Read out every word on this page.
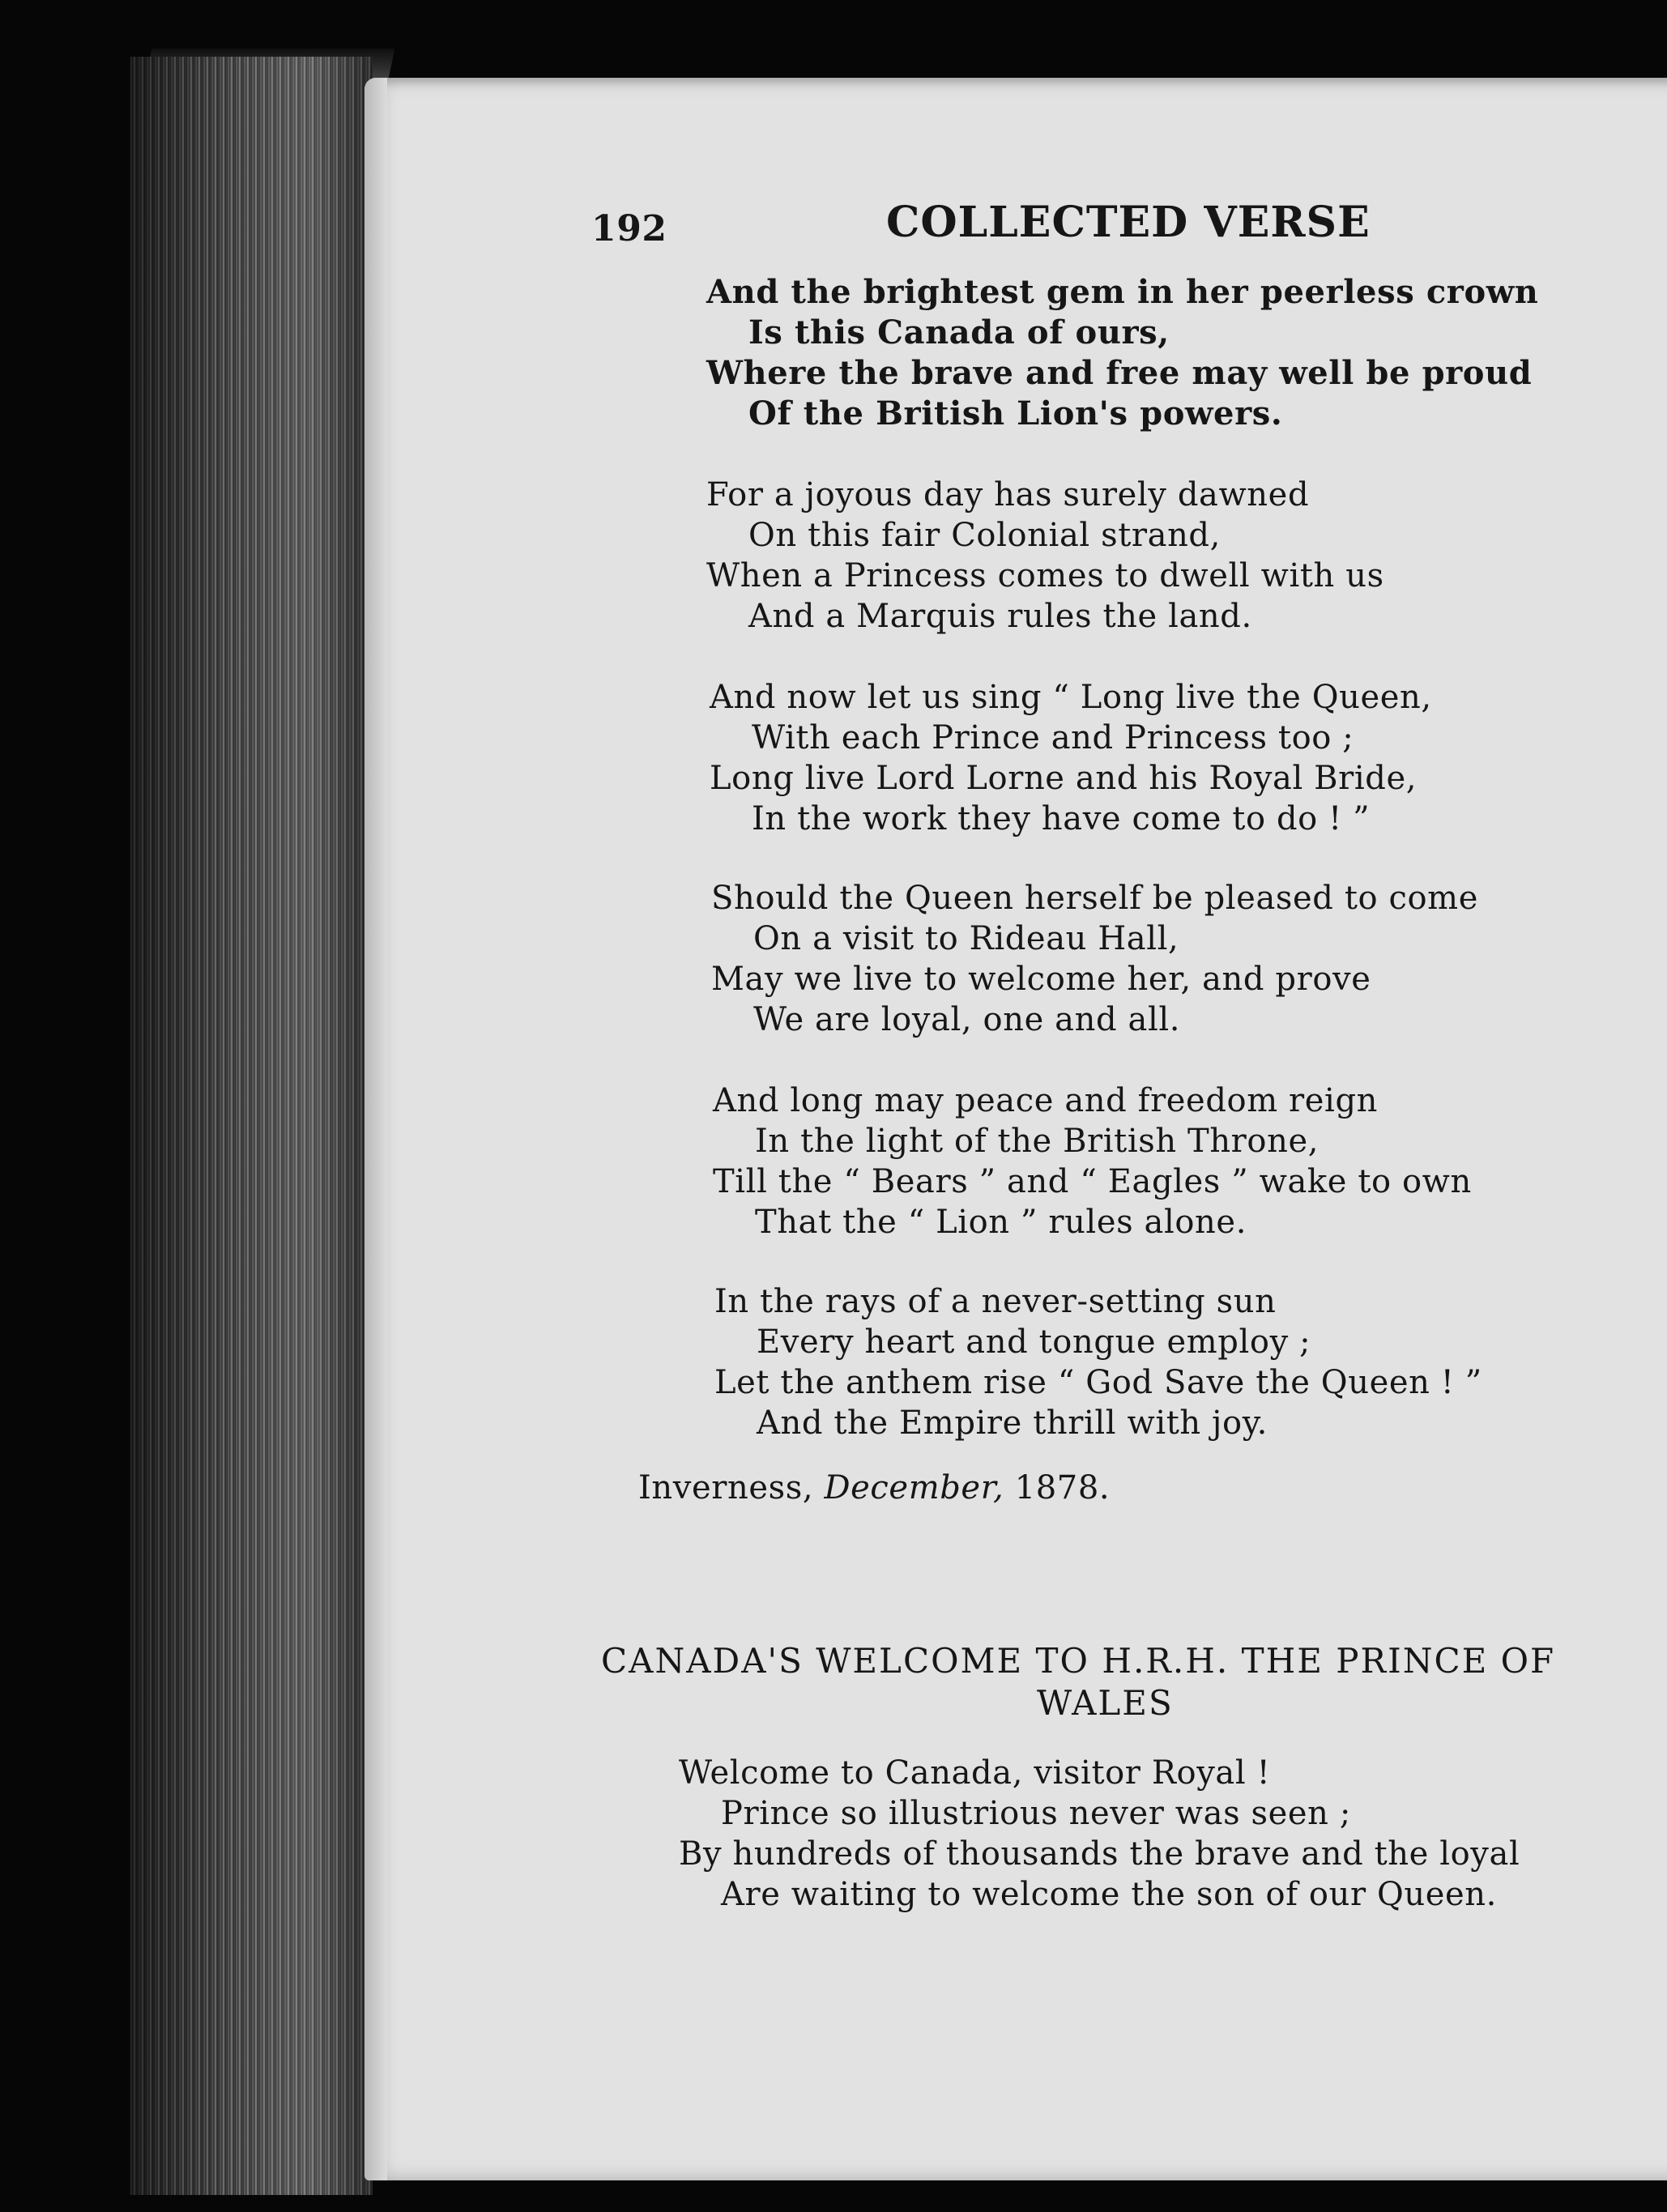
192	COLLECTED VERSE
And the brightest gem in her peerless crown
Is this Canada of ours,
Where the brave and free may well be proud
Of the British Lion's powers.
For a joyous day has surely dawned
On this fair Colonial strand,
When a Princess comes to dwell with us
And a Marquis rules the land.
And now let us sing “ Long live the Queen,
With each Prince and Princess too ;
Long live Lord Lorne and his Royal Bride,
In the work they have come to do ! ”
Should the Queen herself be pleased to come
On a visit to Rideau Hall,
May we live to welcome her, and prove
We are loyal, one and all.
And long may peace and freedom reign
In the light of the British Throne,
Till the “ Bears ” and “ Eagles ” wake to own
That the “ Lion ” rules alone.
In the rays of a never-setting sun
Every heart and tongue employ ;
Let the anthem rise “ God Save the Queen ! ”
And the Empire thrill with joy.
Inverness, December, 1878.
CANADA'S WELCOME TO H.R.H. THE PRINCE OF
WALES
Welcome to Canada, visitor Royal !
Prince so illustrious never was seen ;
By hundreds of thousands the brave and the loyal
Are waiting to welcome the son of our Queen.
